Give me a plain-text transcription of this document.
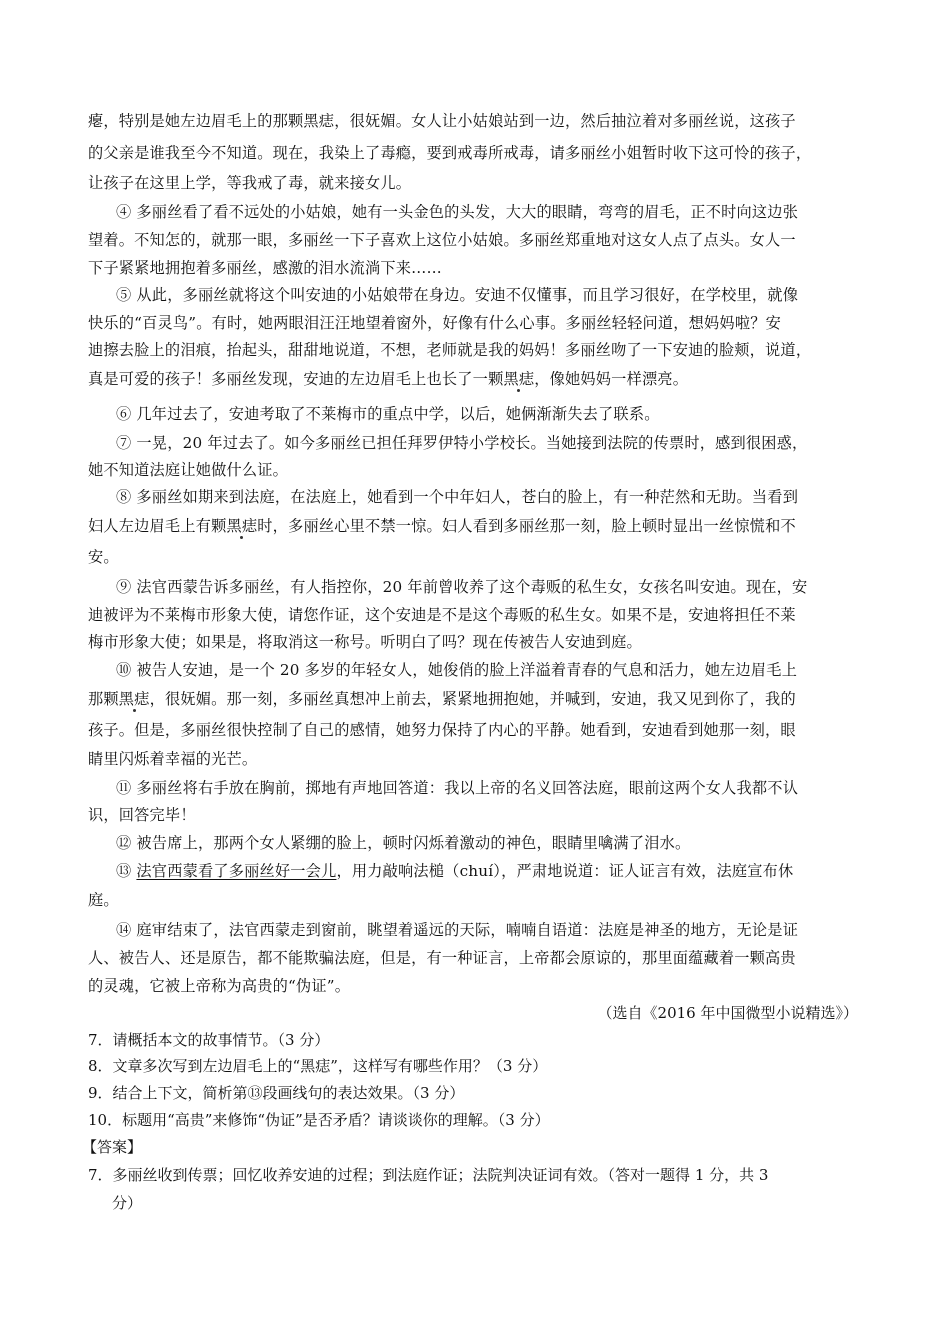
瘪，特别是她左边眉毛上的那颗黑痣，很妩媚。女人让小姑娘站到一边，然后抽泣着对多丽丝说，这孩子
的父亲是谁我至今不知道。现在，我染上了毒瘾，要到戒毒所戒毒，请多丽丝小姐暂时收下这可怜的孩子，
让孩子在这里上学，等我戒了毒，就来接女儿。
④ 多丽丝看了看不远处的小姑娘，她有一头金色的头发，大大的眼睛，弯弯的眉毛，正不时向这边张
望着。不知怎的，就那一眼，多丽丝一下子喜欢上这位小姑娘。多丽丝郑重地对这女人点了点头。女人一
下子紧紧地拥抱着多丽丝，感激的泪水流淌下来……
⑤ 从此，多丽丝就将这个叫安迪的小姑娘带在身边。安迪不仅懂事，而且学习很好，在学校里，就像
快乐的“百灵鸟”。有时，她两眼泪汪汪地望着窗外，好像有什么心事。多丽丝轻轻问道，想妈妈啦？安
迪擦去脸上的泪痕，抬起头，甜甜地说道，不想，老师就是我的妈妈！多丽丝吻了一下安迪的脸颊，说道，
真是可爱的孩子！多丽丝发现，安迪的左边眉毛上也长了一颗黑痣，像她妈妈一样漂亮。
⑥ 几年过去了，安迪考取了不莱梅市的重点中学，以后，她俩渐渐失去了联系。
⑦ 一晃，20 年过去了。如今多丽丝已担任拜罗伊特小学校长。当她接到法院的传票时，感到很困惑，
她不知道法庭让她做什么证。
⑧ 多丽丝如期来到法庭，在法庭上，她看到一个中年妇人，苍白的脸上，有一种茫然和无助。当看到
妇人左边眉毛上有颗黑痣时，多丽丝心里不禁一惊。妇人看到多丽丝那一刻，脸上顿时显出一丝惊慌和不
安。
⑨ 法官西蒙告诉多丽丝，有人指控你，20 年前曾收养了这个毒贩的私生女，女孩名叫安迪。现在，安
迪被评为不莱梅市形象大使，请您作证，这个安迪是不是这个毒贩的私生女。如果不是，安迪将担任不莱
梅市形象大使；如果是，将取消这一称号。听明白了吗？现在传被告人安迪到庭。
⑩ 被告人安迪，是一个 20 多岁的年轻女人，她俊俏的脸上洋溢着青春的气息和活力，她左边眉毛上
那颗黑痣，很妩媚。那一刻，多丽丝真想冲上前去，紧紧地拥抱她，并喊到，安迪，我又见到你了，我的
孩子。但是，多丽丝很快控制了自己的感情，她努力保持了内心的平静。她看到，安迪看到她那一刻，眼
睛里闪烁着幸福的光芒。
⑪ 多丽丝将右手放在胸前，掷地有声地回答道：我以上帝的名义回答法庭，眼前这两个女人我都不认
识，回答完毕！
⑫ 被告席上，那两个女人紧绷的脸上，顿时闪烁着激动的神色，眼睛里噙满了泪水。
⑬ 法官西蒙看了多丽丝好一会儿，用力敲响法槌（chuí），严肃地说道：证人证言有效，法庭宣布休
庭。
⑭ 庭审结束了，法官西蒙走到窗前，眺望着遥远的天际，喃喃自语道：法庭是神圣的地方，无论是证
人、被告人、还是原告，都不能欺骗法庭，但是，有一种证言，上帝都会原谅的，那里面蕴藏着一颗高贵
的灵魂，它被上帝称为高贵的“伪证”。
（选自《2016 年中国微型小说精选》）
7．请概括本文的故事情节。（3 分）
8．文章多次写到左边眉毛上的“黑痣”，这样写有哪些作用？（3 分）
9．结合上下文，简析第⑬段画线句的表达效果。（3 分）
10．标题用“高贵”来修饰“伪证”是否矛盾？请谈谈你的理解。（3 分）
【答案】
7．多丽丝收到传票；回忆收养安迪的过程；到法庭作证；法院判决证词有效。（答对一题得 1 分，共 3
分）
